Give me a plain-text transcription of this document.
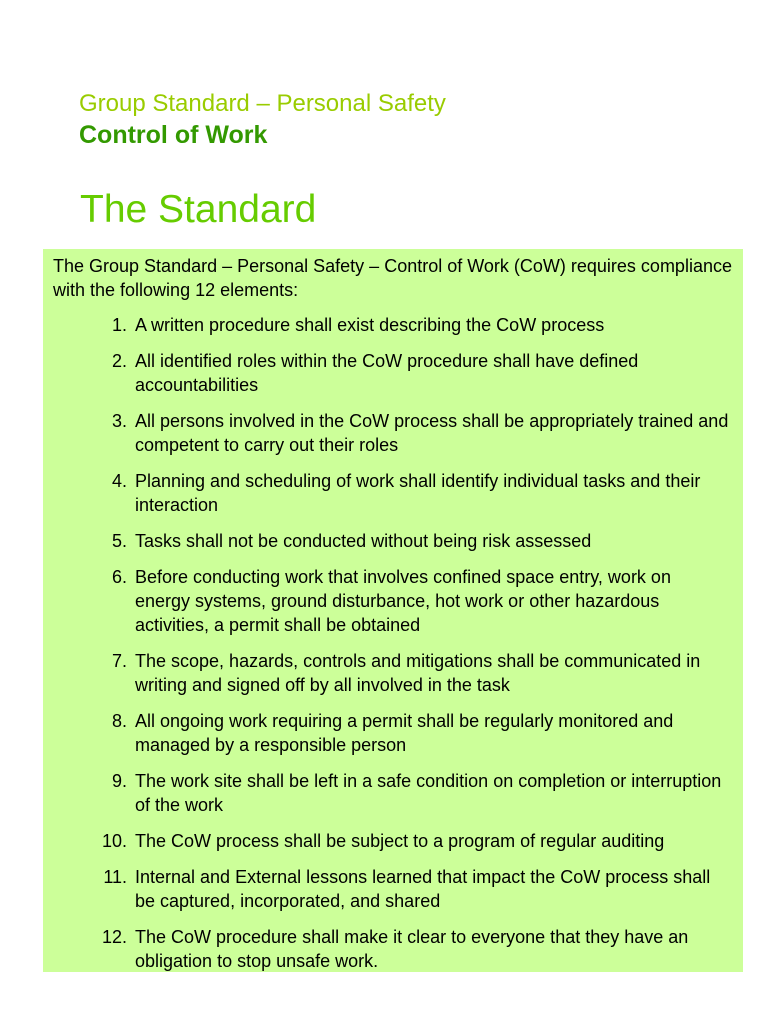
Group Standard – Personal Safety
Control of Work
The Standard

The Group Standard – Personal Safety – Control of Work (CoW) requires compliance with the following 12 elements:

1. A written procedure shall exist describing the CoW process
2. All identified roles within the CoW procedure shall have defined accountabilities
3. All persons involved in the CoW process shall be appropriately trained and competent to carry out their roles
4. Planning and scheduling of work shall identify individual tasks and their interaction
5. Tasks shall not be conducted without being risk assessed
6. Before conducting work that involves confined space entry, work on energy systems, ground disturbance, hot work or other hazardous activities, a permit shall be obtained
7. The scope, hazards, controls and mitigations shall be communicated in writing and signed off by all involved in the task
8. All ongoing work requiring a permit shall be regularly monitored and managed by a responsible person
9. The work site shall be left in a safe condition on completion or interruption of the work
10. The CoW process shall be subject to a program of regular auditing
11. Internal and External lessons learned that impact the CoW process shall be captured, incorporated, and shared
12. The CoW procedure shall make it clear to everyone that they have an obligation to stop unsafe work.
